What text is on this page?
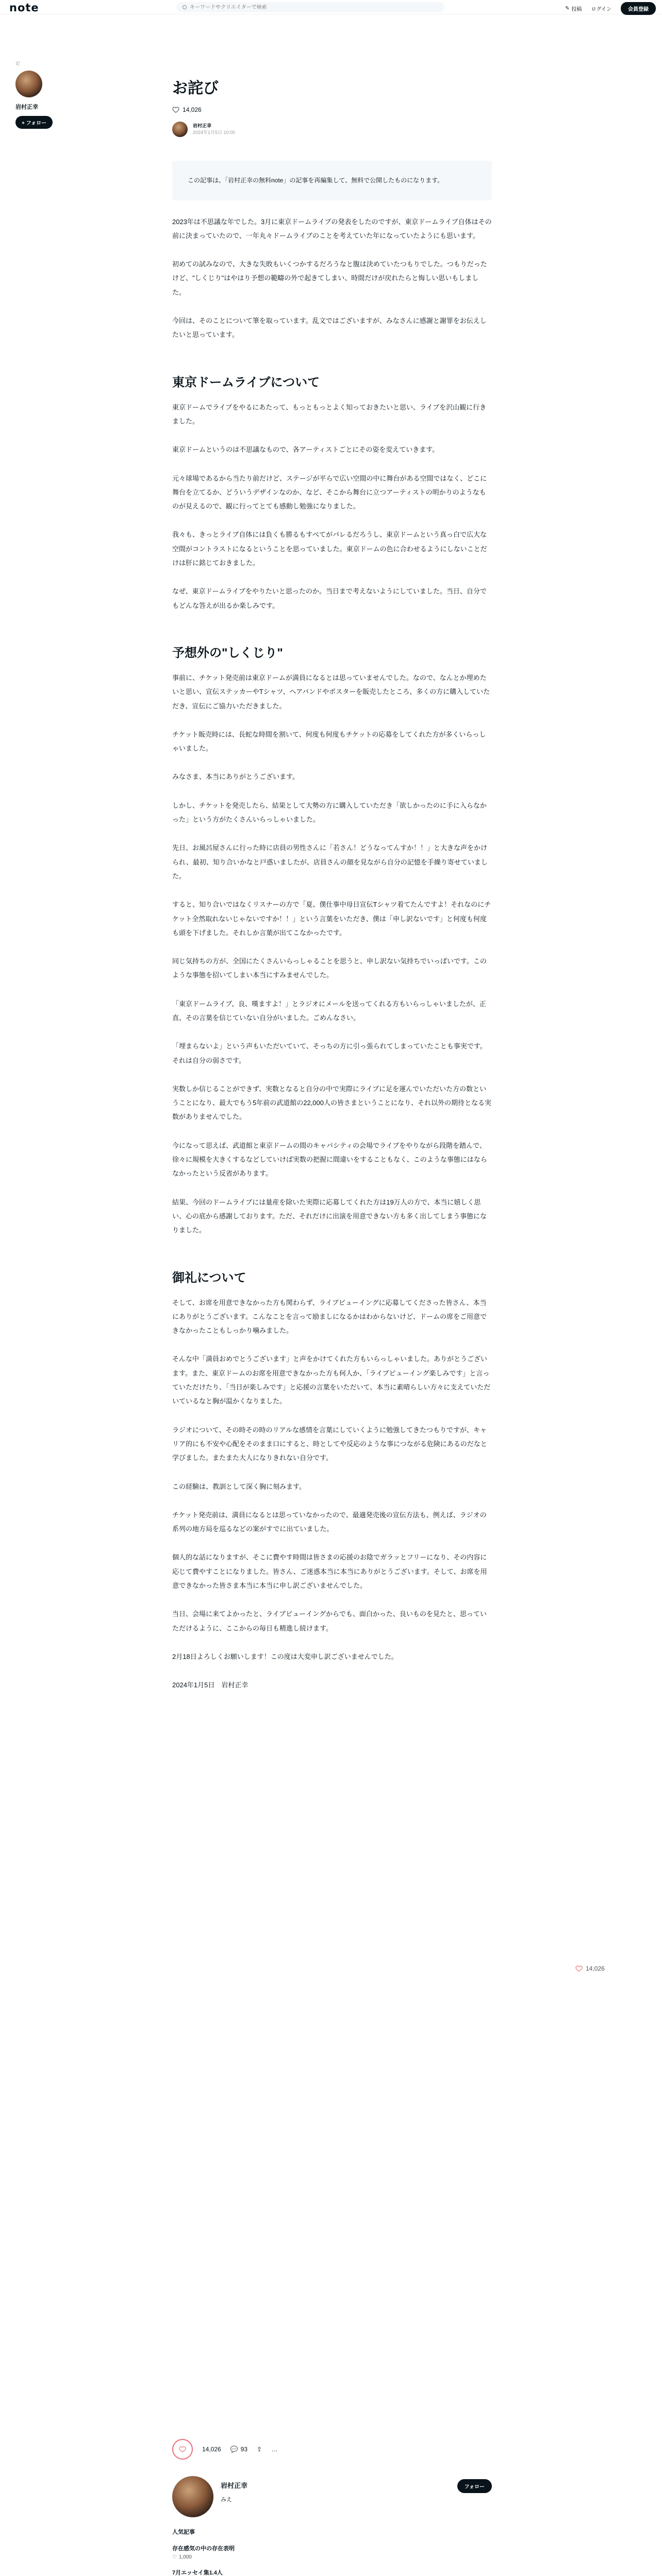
note
キーワードやクリエイターで検索	✎ 投稿 ログイン	会員登録
記
岩村正幸
+ フォロー
14,026
お詫び
14,026
岩村正幸
2024年1月5日 10:00
この記事は、「岩村正幸の無料note」の記事を再編集して、無料で公開したものになります。

2023年は不思議な年でした。3月に東京ドームライブの発表をしたのですが、東京ドームライブ自体はその前に決まっていたので、一年丸々ドームライブのことを考えていた年になっていたようにも思います。

初めての試みなので、大きな失敗もいくつかするだろうなと腹は決めていたつもりでした。つもりだったけど、"しくじり"はやはり予想の範疇の外で起きてしまい、時間だけが戻れたらと悔しい思いもしました。

今回は、そのことについて筆を取っています。乱文ではございますが、みなさんに感謝と謝罪をお伝えしたいと思っています。

東京ドームライブについて

東京ドームでライブをやるにあたって、もっともっとよく知っておきたいと思い、ライブを沢山観に行きました。

東京ドームというのは不思議なもので、各アーティストごとにその姿を変えていきます。

元々球場であるから当たり前だけど、ステージが平らで広い空間の中に舞台がある空間ではなく、どこに舞台を立てるか、どういうデザインなのか、など、そこから舞台に立つアーティストの明かりのようなものが見えるので、観に行ってとても感動し勉強になりました。

我々も、きっとライブ自体には負くも勝るもすべてがバレるだろうし、東京ドームという真っ白で広大な空間がコントラストになるということを思っていました。東京ドームの色に合わせるようにしないことだけは肝に銘じておきました。

なぜ、東京ドームライブをやりたいと思ったのか。当日まで考えないようにしていました。当日、自分でもどんな答えが出るか楽しみです。

予想外の"しくじり"

事前に、チケット発売前は東京ドームが満員になるとは思っていませんでした。なので、なんとか埋めたいと思い、宣伝ステッカーやTシャツ、ヘアバンドやポスターを販売したところ、多くの方に購入していただき、宣伝にご協力いただきました。

チケット販売時には、長蛇な時間を割いて、何度も何度もチケットの応募をしてくれた方が多くいらっしゃいました。

みなさま、本当にありがとうございます。

しかし、チケットを発売したら、結果として大勢の方に購入していただき「欲しかったのに手に入らなかった」という方がたくさんいらっしゃいました。

先日、お風呂屋さんに行った時に店員の男性さんに「若さん！どうなってんすか！！」と大きな声をかけられ、最初、知り合いかなと戸惑いましたが、店員さんの顔を見ながら自分の記憶を手繰り寄せていました。

すると、知り合いではなくリスナーの方で「夏、僕仕事中母日宣伝Tシャツ着てたんですよ！それなのにチケット全然取れないじゃないですか！！」という言葉をいただき、僕は「申し訳ないです」と何度も何度も頭を下げました。それしか言葉が出てこなかったです。

同じ気持ちの方が、全国にたくさんいらっしゃることを思うと、申し訳ない気持ちでいっぱいです。このような事態を招いてしまい本当にすみませんでした。

「東京ドームライブ、良、嘆ますよ！」とラジオにメールを送ってくれる方もいらっしゃいましたが、正直、その言葉を信じていない自分がいました。ごめんなさい。

「埋まらないよ」という声もいただいていて、そっちの方に引っ張られてしまっていたことも事実です。それは自分の弱さです。

実数しか信じることができず、実数となると自分の中で実際にライブに足を運んでいただいた方の数ということになり、最大でもう5年前の武道館の22,000人の皆さまということになり、それ以外の期待となる実数がありませんでした。

今になって思えば、武道館と東京ドームの間のキャパシティの会場でライブをやりながら段階を踏んで、徐々に規模を大きくするなどしていけば実数の把握に間違いをすることもなく、このような事態にはならなかったという反省があります。

結果、今回のドームライブには量産を除いた実際に応募してくれた方は19万人の方で、本当に嬉しく思い、心の底から感謝しております。ただ、それだけに出演を用意できない方も多く出してしまう事態になりました。

御礼について

そして、お席を用意できなかった方も関わらず、ライブビューイングに応募してくださった皆さん、本当にありがとうございます。こんなことを言って励ましになるかはわからないけど、ドームの席をご用意できなかったこともしっかり噛みました。

そんな中「満員おめでとうございます」と声をかけてくれた方もいらっしゃいました。ありがとうございます。また、東京ドームのお席を用意できなかった方も何人か、「ライブビューイング楽しみです」と言っていただけたり、「当日が楽しみです」と応援の言葉をいただいて、本当に素晴らしい方々に支えていただいているなと胸が温かくなりました。

ラジオについて、その時その時のリアルな感情を言葉にしていくように勉強してきたつもりですが、キャリア的にも不安や心配をそのまま口にすると、時としてや反応のような事につながる危険にあるのだなと学びました。またまた大人になりきれない自分です。

この経験は、教訓として深く胸に刻みます。

チケット発売前は、満員になるとは思っていなかったので、最適発売後の宣伝方法も、例えば、ラジオの系列の地方局を巡るなどの案がすでに出ていました。

個人的な話になりますが、そこに費やす時間は皆さまの応援のお陰でガラッとフリーになり、その内容に応じて費やすことになりました。皆さん、ご迷惑本当に本当にありがとうございます。そして、お席を用意できなかった皆さま本当に本当に申し訳ございませんでした。

当日、会場に来てよかったと、ライブビューイングからでも、面白かった、良いものを見たと、思っていただけるように、ここからの毎日も精進し続けます。

2月18日よろしくお願いします！この度は大変申し訳ございませんでした。

2024年1月5日　岩村正幸

14,026 💬 93 ⇪ …
岩村正幸
みえ
フォロー
人気記事
存在感気の中の存在表明
♡ 1,000
7月エッセイ集1.4人
